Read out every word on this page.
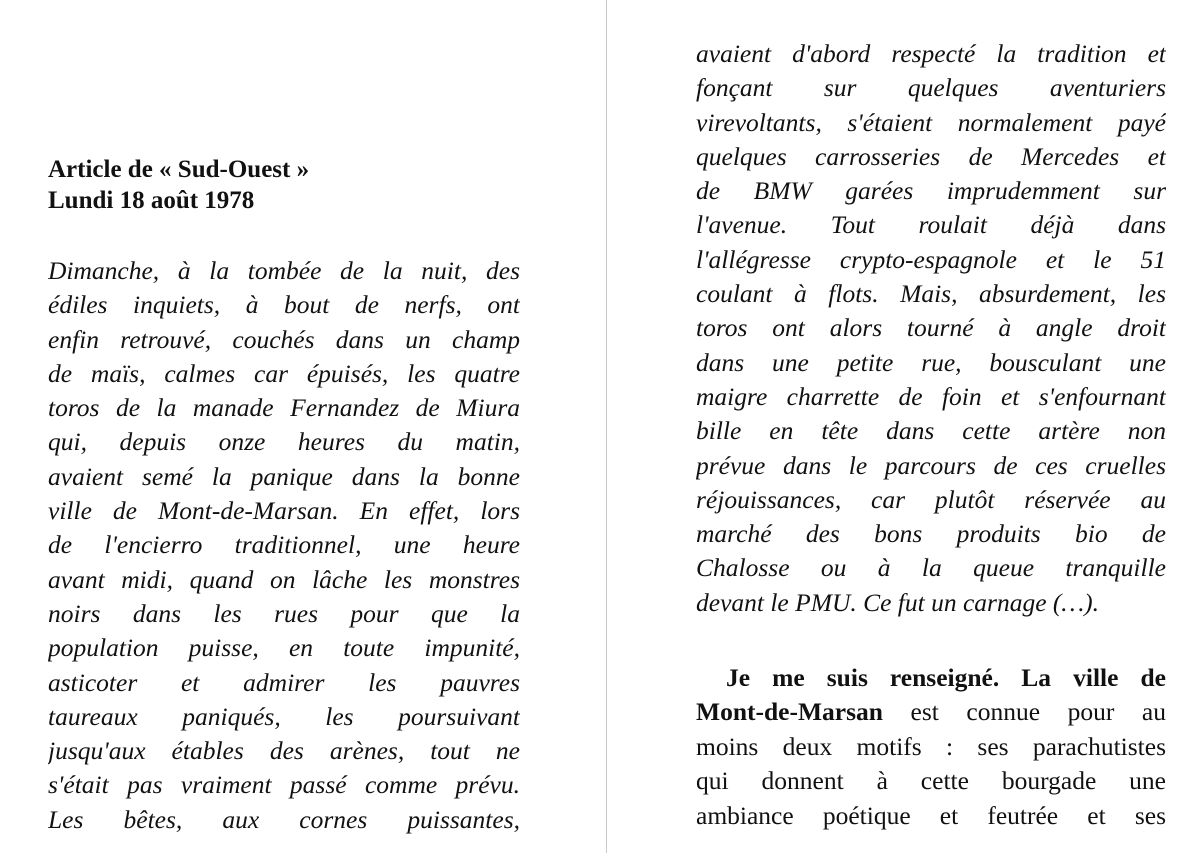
Article de « Sud-Ouest »
Lundi 18 août 1978

Dimanche, à la tombée de la nuit, des
édiles inquiets, à bout de nerfs, ont
enfin retrouvé, couchés dans un champ
de maïs, calmes car épuisés, les quatre
toros de la manade Fernandez de Miura
qui, depuis onze heures du matin,
avaient semé la panique dans la bonne
ville de Mont-de-Marsan. En effet, lors
de l'encierro traditionnel, une heure
avant midi, quand on lâche les monstres
noirs dans les rues pour que la
population puisse, en toute impunité,
asticoter et admirer les pauvres
taureaux paniqués, les poursuivant
jusqu'aux étables des arènes, tout ne
s'était pas vraiment passé comme prévu.
Les bêtes, aux cornes puissantes,

avaient d'abord respecté la tradition et
fonçant sur quelques aventuriers
virevoltants, s'étaient normalement payé
quelques carrosseries de Mercedes et
de BMW garées imprudemment sur
l'avenue. Tout roulait déjà dans
l'allégresse crypto-espagnole et le 51
coulant à flots. Mais, absurdement, les
toros ont alors tourné à angle droit
dans une petite rue, bousculant une
maigre charrette de foin et s'enfournant
bille en tête dans cette artère non
prévue dans le parcours de ces cruelles
réjouissances, car plutôt réservée au
marché des bons produits bio de
Chalosse ou à la queue tranquille
devant le PMU. Ce fut un carnage (…).

Je me suis renseigné. La ville de
Mont-de-Marsan est connue pour au
moins deux motifs : ses parachutistes
qui donnent à cette bourgade une
ambiance poétique et feutrée et ses
